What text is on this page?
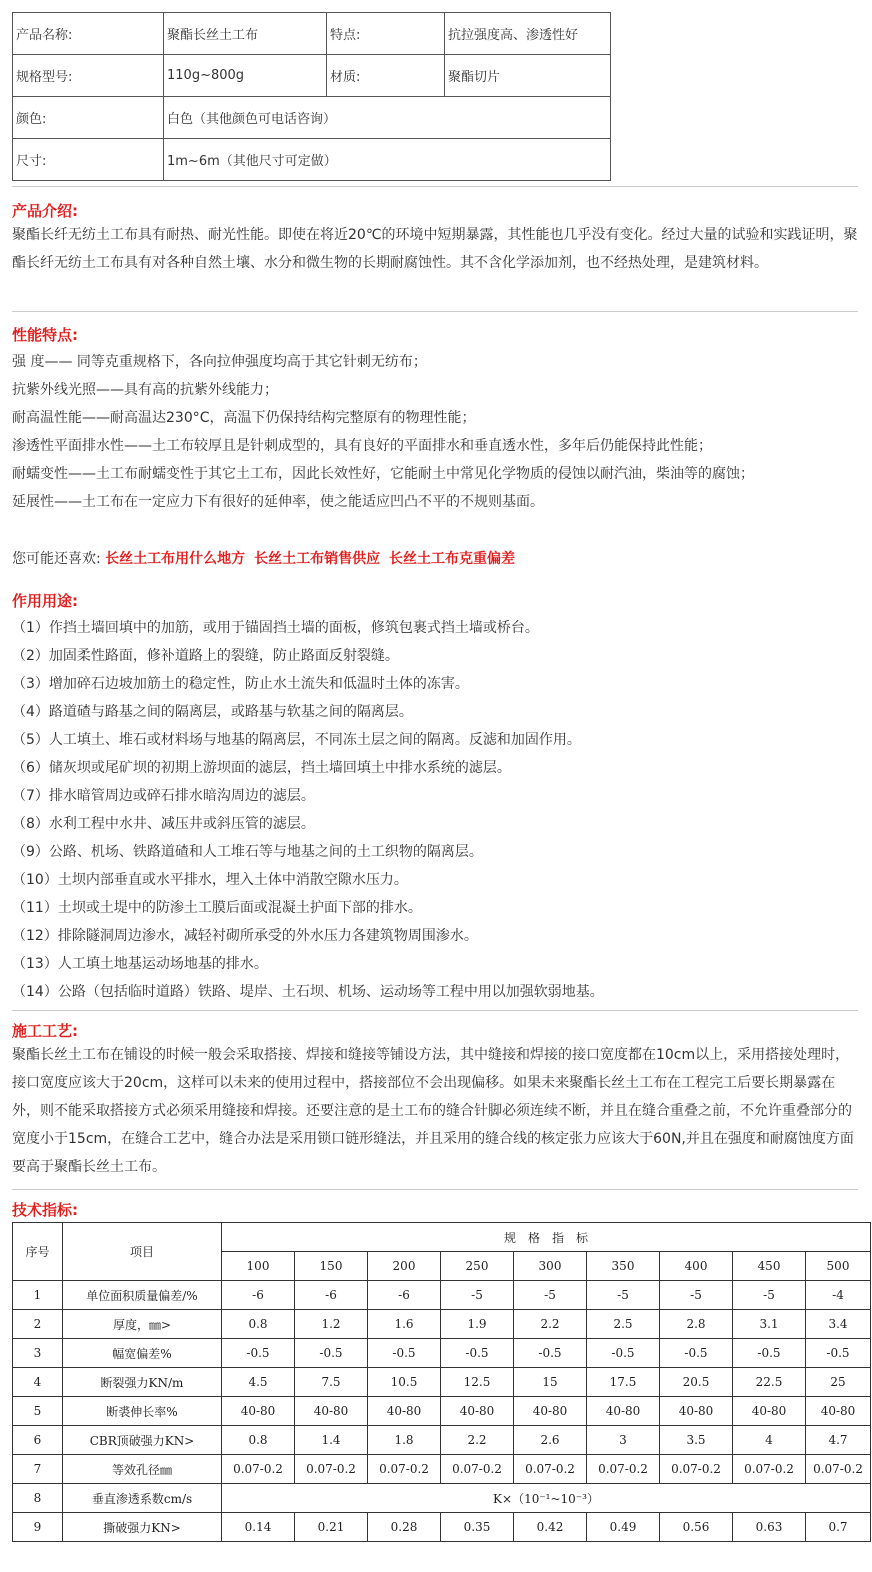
产品名称:	聚酯长丝土工布	特点:	抗拉强度高、渗透性好
规格型号:	110g~800g	材质:	聚酯切片
颜色:	白色（其他颜色可电话咨询）		
尺寸:	1m~6m（其他尺寸可定做）		
产品介绍:
聚酯长纤无纺土工布具有耐热、耐光性能。即使在将近20℃的环境中短期暴露，其性能也几乎没有变化。经过大量的试验和实践证明，聚酯长纤无纺土工布具有对各种自然土壤、水分和微生物的长期耐腐蚀性。其不含化学添加剂，也不经热处理，是建筑材料。
性能特点:
强 度—— 同等克重规格下，各向拉伸强度均高于其它针刺无纺布；
抗紫外线光照——具有高的抗紫外线能力；
耐高温性能——耐高温达230°C，高温下仍保持结构完整原有的物理性能；
渗透性平面排水性——土工布较厚且是针刺成型的，具有良好的平面排水和垂直透水性，多年后仍能保持此性能；
耐蠕变性——土工布耐蠕变性于其它土工布，因此长效性好，它能耐土中常见化学物质的侵蚀以耐汽油，柴油等的腐蚀；
延展性——土工布在一定应力下有很好的延伸率，使之能适应凹凸不平的不规则基面。
您可能还喜欢: 长丝土工布用什么地方 长丝土工布销售供应 长丝土工布克重偏差
作用用途:
（1）作挡土墙回填中的加筋，或用于锚固挡土墙的面板，修筑包裹式挡土墙或桥台。
（2）加固柔性路面，修补道路上的裂缝，防止路面反射裂缝。
（3）增加碎石边坡加筋土的稳定性，防止水土流失和低温时土体的冻害。
（4）路道碴与路基之间的隔离层，或路基与软基之间的隔离层。
（5）人工填土、堆石或材料场与地基的隔离层，不同冻土层之间的隔离。反滤和加固作用。
（6）储灰坝或尾矿坝的初期上游坝面的滤层，挡土墙回填土中排水系统的滤层。
（7）排水暗管周边或碎石排水暗沟周边的滤层。
（8）水利工程中水井、减压井或斜压管的滤层。
（9）公路、机场、铁路道碴和人工堆石等与地基之间的土工织物的隔离层。
（10）土坝内部垂直或水平排水，埋入土体中消散空隙水压力。
（11）土坝或土堤中的防渗土工膜后面或混凝土护面下部的排水。
（12）排除隧洞周边渗水，减轻衬砌所承受的外水压力各建筑物周围渗水。
（13）人工填土地基运动场地基的排水。
（14）公路（包括临时道路）铁路、堤岸、土石坝、机场、运动场等工程中用以加强软弱地基。
施工工艺:
聚酯长丝土工布在铺设的时候一般会采取搭接、焊接和缝接等铺设方法，其中缝接和焊接的接口宽度都在10cm以上，采用搭接处理时，接口宽度应该大于20cm，这样可以未来的使用过程中，搭接部位不会出现偏移。如果未来聚酯长丝土工布在工程完工后要长期暴露在外，则不能采取搭接方式必须采用缝接和焊接。还要注意的是土工布的缝合针脚必须连续不断，并且在缝合重叠之前，不允许重叠部分的宽度小于15cm，在缝合工艺中，缝合办法是采用锁口链形缝法，并且采用的缝合线的核定张力应该大于60N,并且在强度和耐腐蚀度方面要高于聚酯长丝土工布。
技术指标:
序号	项目	规　格　指　标								
		100	150	200	250	300	350	400	450	500
1	单位面积质量偏差/%	-6	-6	-6	-5	-5	-5	-5	-5	-4
2	厚度，㎜>	0.8	1.2	1.6	1.9	2.2	2.5	2.8	3.1	3.4
3	幅宽偏差%	-0.5	-0.5	-0.5	-0.5	-0.5	-0.5	-0.5	-0.5	-0.5
4	断裂强力KN/m	4.5	7.5	10.5	12.5	15	17.5	20.5	22.5	25
5	断裘伸长率%	40-80	40-80	40-80	40-80	40-80	40-80	40-80	40-80	40-80
6	CBR顶破强力KN>	0.8	1.4	1.8	2.2	2.6	3	3.5	4	4.7
7	等效孔径㎜	0.07-0.2	0.07-0.2	0.07-0.2	0.07-0.2	0.07-0.2	0.07-0.2	0.07-0.2	0.07-0.2	0.07-0.2
8	垂直渗透系数cm/s	K×（10⁻¹~10⁻³）								
9	撕破强力KN>	0.14	0.21	0.28	0.35	0.42	0.49	0.56	0.63	0.7
